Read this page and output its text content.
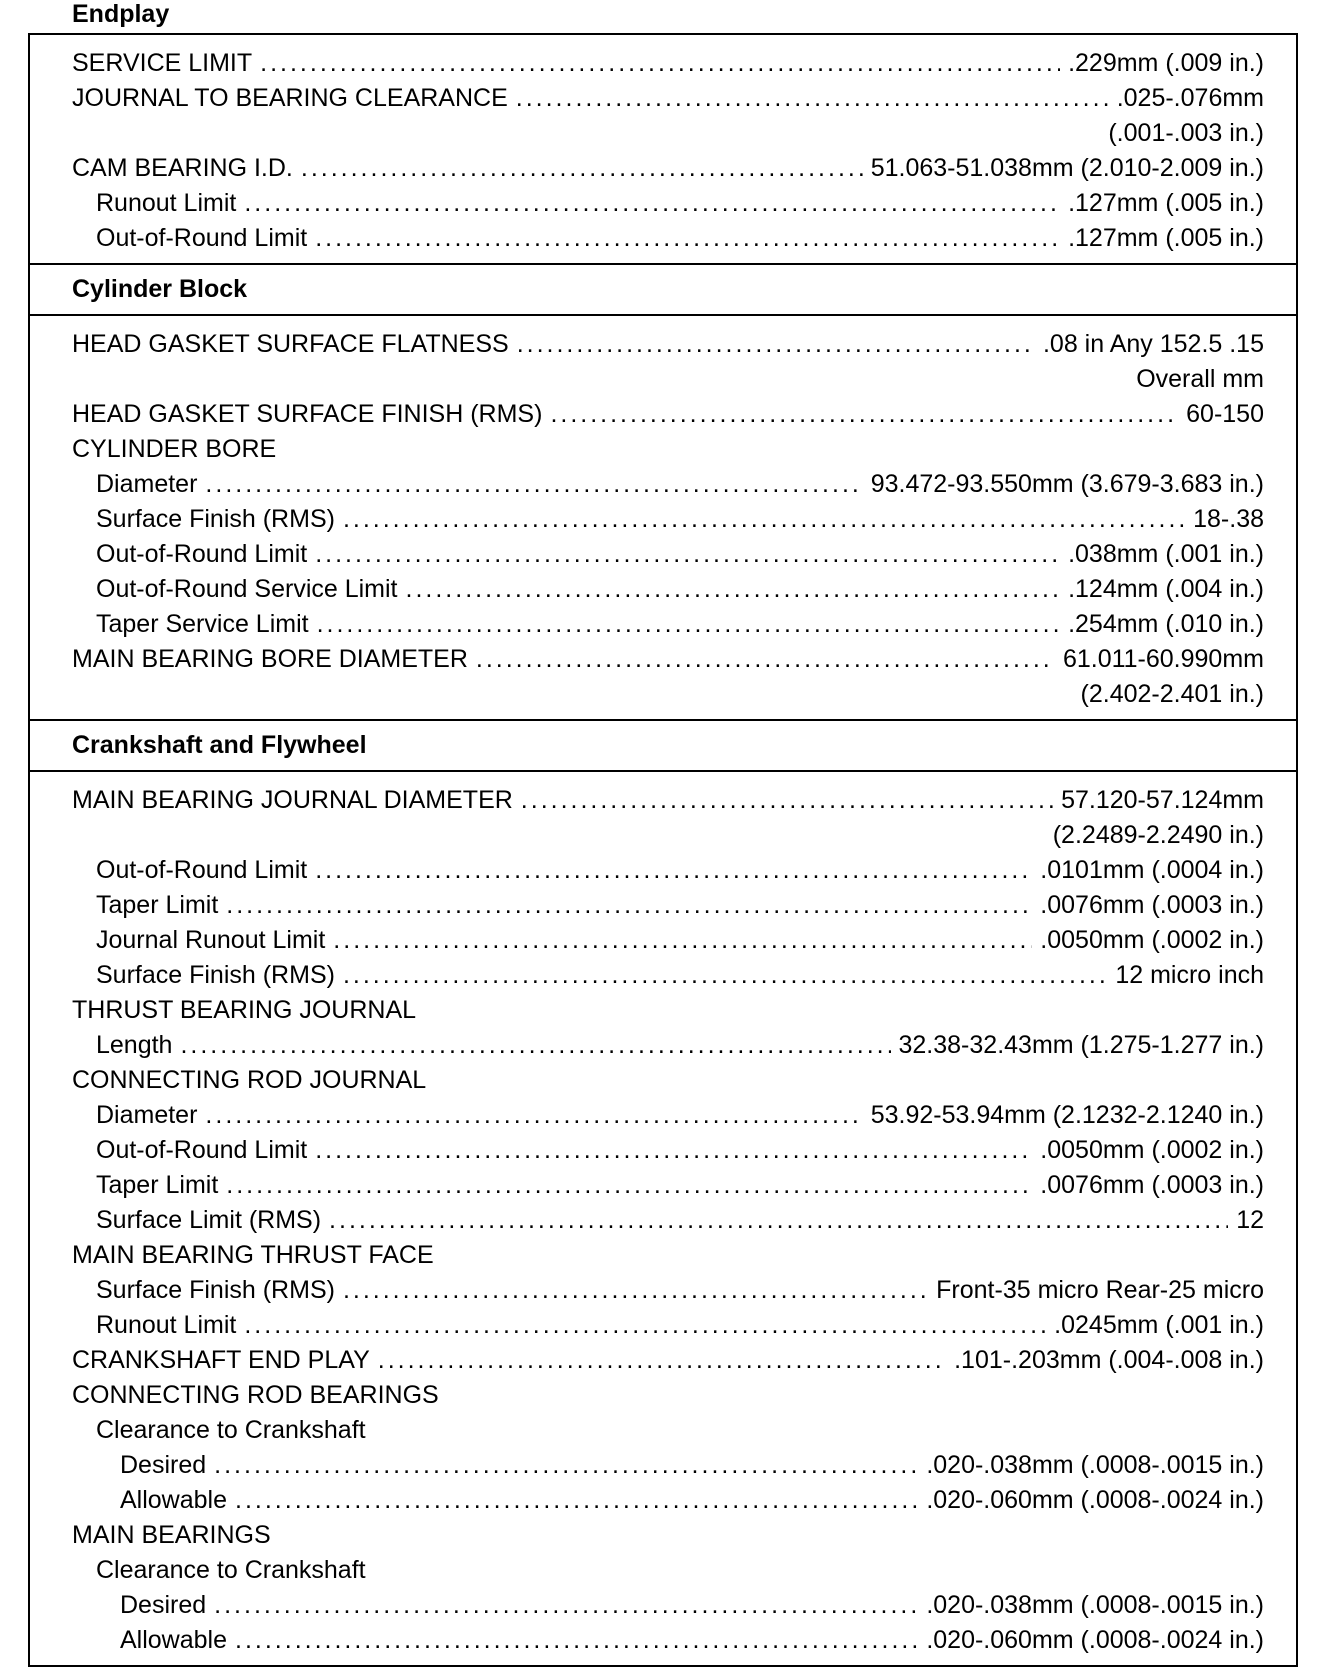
Endplay
SERVICE LIMIT .....	.229mm (.009 in.)
JOURNAL TO BEARING CLEARANCE .....	.025-.076mm
(.001-.003 in.)
CAM BEARING I.D. .....	51.063-51.038mm (2.010-2.009 in.)
Runout Limit .....	.127mm (.005 in.)
Out-of-Round Limit .....	.127mm (.005 in.)
Cylinder Block
HEAD GASKET SURFACE FLATNESS .....	.08 in Any 152.5 .15
Overall mm
HEAD GASKET SURFACE FINISH (RMS) .....	60-150
CYLINDER BORE
Diameter .....	93.472-93.550mm (3.679-3.683 in.)
Surface Finish (RMS) .....	18-.38
Out-of-Round Limit .....	.038mm (.001 in.)
Out-of-Round Service Limit .....	.124mm (.004 in.)
Taper Service Limit .....	.254mm (.010 in.)
MAIN BEARING BORE DIAMETER .....	61.011-60.990mm
(2.402-2.401 in.)
Crankshaft and Flywheel
MAIN BEARING JOURNAL DIAMETER .....	57.120-57.124mm
(2.2489-2.2490 in.)
Out-of-Round Limit .....	.0101mm (.0004 in.)
Taper Limit .....	.0076mm (.0003 in.)
Journal Runout Limit .....	.0050mm (.0002 in.)
Surface Finish (RMS) .....	12 micro inch
THRUST BEARING JOURNAL
Length .....	32.38-32.43mm (1.275-1.277 in.)
CONNECTING ROD JOURNAL
Diameter .....	53.92-53.94mm (2.1232-2.1240 in.)
Out-of-Round Limit .....	.0050mm (.0002 in.)
Taper Limit .....	.0076mm (.0003 in.)
Surface Limit (RMS) .....	12
MAIN BEARING THRUST FACE
Surface Finish (RMS) .....	Front-35 micro Rear-25 micro
Runout Limit .....	.0245mm (.001 in.)
CRANKSHAFT END PLAY .....	.101-.203mm (.004-.008 in.)
CONNECTING ROD BEARINGS
Clearance to Crankshaft
Desired .....	.020-.038mm (.0008-.0015 in.)
Allowable .....	.020-.060mm (.0008-.0024 in.)
MAIN BEARINGS
Clearance to Crankshaft
Desired .....	.020-.038mm (.0008-.0015 in.)
Allowable .....	.020-.060mm (.0008-.0024 in.)
